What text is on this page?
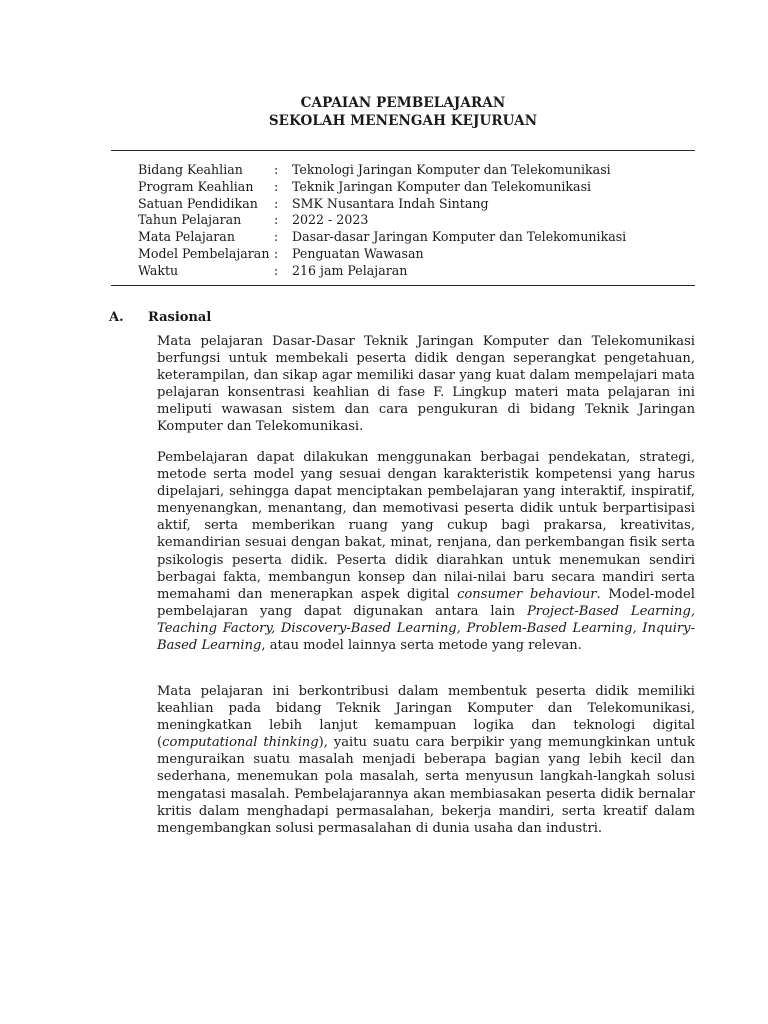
CAPAIAN PEMBELAJARAN
SEKOLAH MENENGAH KEJURUAN
Bidang Keahlian : Teknologi Jaringan Komputer dan Telekomunikasi
Program Keahlian : Teknik Jaringan Komputer dan Telekomunikasi
Satuan Pendidikan : SMK Nusantara Indah Sintang
Tahun Pelajaran	: 2022 - 2023
Mata Pelajaran	: Dasar-dasar Jaringan Komputer dan Telekomunikasi
Model Pembelajaran : Penguatan Wawasan
Waktu	: 216 jam Pelajaran
A. Rasional

Mata pelajaran Dasar-Dasar Teknik Jaringan Komputer dan Telekomunikasi berfungsi untuk membekali peserta didik dengan seperangkat pengetahuan, keterampilan, dan sikap agar memiliki dasar yang kuat dalam mempelajari mata pelajaran konsentrasi keahlian di fase F. Lingkup materi mata pelajaran ini meliputi wawasan sistem dan cara pengukuran di bidang Teknik Jaringan Komputer dan Telekomunikasi.

Pembelajaran dapat dilakukan menggunakan berbagai pendekatan, strategi, metode serta model yang sesuai dengan karakteristik kompetensi yang harus dipelajari, sehingga dapat menciptakan pembelajaran yang interaktif, inspiratif, menyenangkan, menantang, dan memotivasi peserta didik untuk berpartisipasi aktif, serta memberikan ruang yang cukup bagi prakarsa, kreativitas, kemandirian sesuai dengan bakat, minat, renjana, dan perkembangan fisik serta psikologis peserta didik. Peserta didik diarahkan untuk menemukan sendiri berbagai fakta, membangun konsep dan nilai-nilai baru secara mandiri serta memahami dan menerapkan aspek digital consumer behaviour. Model-model pembelajaran yang dapat digunakan antara lain Project-Based Learning, Teaching Factory, Discovery-Based Learning, Problem-Based Learning, Inquiry-Based Learning, atau model lainnya serta metode yang relevan.

Mata pelajaran ini berkontribusi dalam membentuk peserta didik memiliki keahlian pada bidang Teknik Jaringan Komputer dan Telekomunikasi, meningkatkan lebih lanjut kemampuan logika dan teknologi digital (computational thinking), yaitu suatu cara berpikir yang memungkinkan untuk menguraikan suatu masalah menjadi beberapa bagian yang lebih kecil dan sederhana, menemukan pola masalah, serta menyusun langkah-langkah solusi mengatasi masalah. Pembelajarannya akan membiasakan peserta didik bernalar kritis dalam menghadapi permasalahan, bekerja mandiri, serta kreatif dalam mengembangkan solusi permasalahan di dunia usaha dan industri.
